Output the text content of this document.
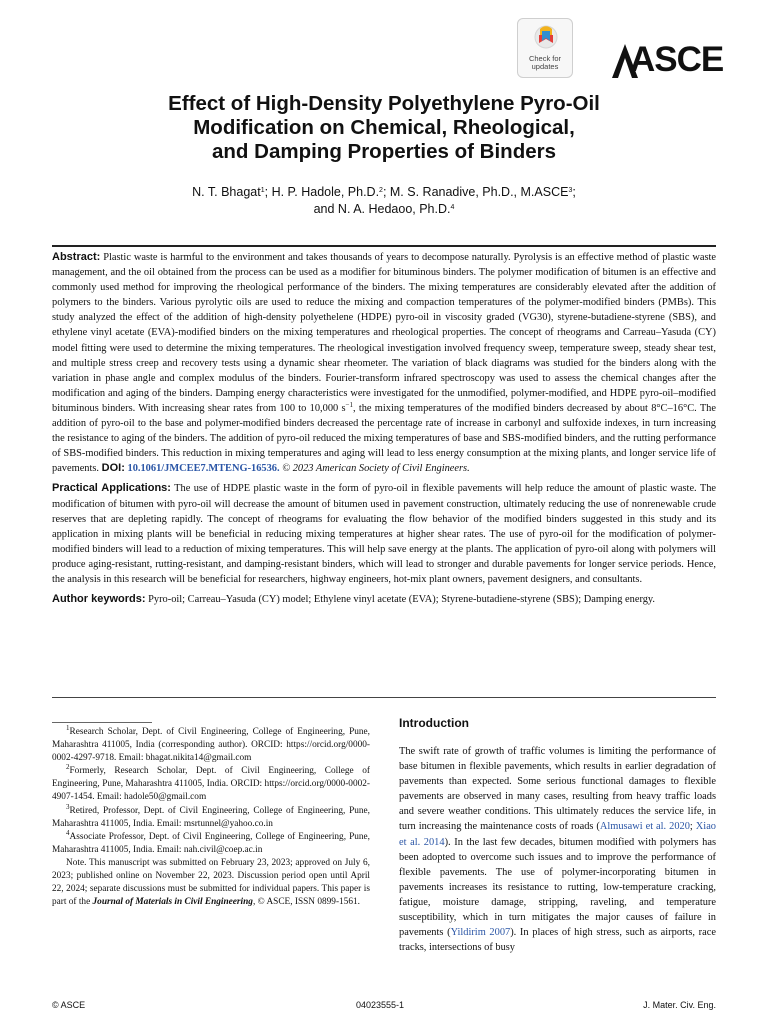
Check for
updates	ASCE
Effect of High-Density Polyethylene Pyro-Oil
Modification on Chemical, Rheological,
and Damping Properties of Binders
N. T. Bhagat$^1$; H. P. Hadole, Ph.D.$^2$; M. S. Ranadive, Ph.D., M.ASCE$^3$;
and N. A. Hedaoo, Ph.D.$^4$

Abstract: Plastic waste is harmful to the environment and takes thousands of years to decompose naturally. Pyrolysis is an effective method of plastic waste management, and the oil obtained from the process can be used as a modifier for bituminous binders. The polymer modification of bitumen is an effective and commonly used method for improving the rheological performance of the binders. The mixing temperatures are considerably elevated after the addition of polymers to the binders. Various pyrolytic oils are used to reduce the mixing and compaction temperatures of the polymer-modified binders (PMBs). This study analyzed the effect of the addition of high-density polyethelene (HDPE) pyro-oil in viscosity graded (VG30), styrene-butadiene-styrene (SBS), and ethylene vinyl acetate (EVA)-modified binders on the mixing temperatures and rheological properties. The concept of rheograms and Carreau–Yasuda (CY) model fitting were used to determine the mixing temperatures. The rheological investigation involved frequency sweep, temperature sweep, steady shear test, and multiple stress creep and recovery tests using a dynamic shear rheometer. The variation of black diagrams was studied for the binders along with the variation in phase angle and complex modulus of the binders. Fourier-transform infrared spectroscopy was used to assess the chemical changes after the modification and aging of the binders. Damping energy characteristics were investigated for the unmodified, polymer-modified, and HDPE pyro-oil–modified bituminous binders. With increasing shear rates from 100 to 10,000 $s^{-1}$, the mixing temperatures of the modified binders decreased by about 8°C–16°C. The addition of pyro-oil to the base and polymer-modified binders decreased the percentage rate of increase in carbonyl and sulfoxide indexes, in turn increasing the resistance to aging of the binders. The addition of pyro-oil reduced the mixing temperatures of base and SBS-modified binders, and the rutting performance of SBS-modified binders. This reduction in mixing temperatures and aging will lead to less energy consumption at the mixing plants, and longer service life of pavements. DOI: 10.1061/JMCEE7.MTENG-16536. © 2023 American Society of Civil Engineers.

Practical Applications: The use of HDPE plastic waste in the form of pyro-oil in flexible pavements will help reduce the amount of plastic waste. The modification of bitumen with pyro-oil will decrease the amount of bitumen used in pavement construction, ultimately reducing the use of nonrenewable crude reserves that are depleting rapidly. The concept of rheograms for evaluating the flow behavior of the modified binders suggested in this study and its application in mixing plants will be beneficial in reducing mixing temperatures at higher shear rates. The use of pyro-oil for the modification of polymer-modified binders will lead to a reduction of mixing temperatures. This will help save energy at the plants. The application of pyro-oil along with polymers will produce aging-resistant, rutting-resistant, and damping-resistant binders, which will lead to stronger and durable pavements for longer service periods. Hence, the analysis in this research will be beneficial for researchers, highway engineers, hot-mix plant owners, pavement designers, and consultants.

Author keywords: Pyro-oil; Carreau–Yasuda (CY) model; Ethylene vinyl acetate (EVA); Styrene-butadiene-styrene (SBS); Damping energy.

$^1$Research Scholar, Dept. of Civil Engineering, College of Engineering, Pune, Maharashtra 411005, India (corresponding author). ORCID: https://orcid.org/0000-0002-4297-9718. Email: bhagat.nikita14@gmail.com

$^2$Formerly, Research Scholar, Dept. of Civil Engineering, College of Engineering, Pune, Maharashtra 411005, India. ORCID: https://orcid.org/0000-0002-4907-1454. Email: hadole50@gmail.com

$^3$Retired, Professor, Dept. of Civil Engineering, College of Engineering, Pune, Maharashtra 411005, India. Email: msrtunnel@yahoo.co.in

$^4$Associate Professor, Dept. of Civil Engineering, College of Engineering, Pune, Maharashtra 411005, India. Email: nah.civil@coep.ac.in

Note. This manuscript was submitted on February 23, 2023; approved on July 6, 2023; published online on November 22, 2023. Discussion period open until April 22, 2024; separate discussions must be submitted for individual papers. This paper is part of the Journal of Materials in Civil Engineering, © ASCE, ISSN 0899-1561.

Introduction
The swift rate of growth of traffic volumes is limiting the performance of base bitumen in flexible pavements, which results in earlier degradation of pavements than expected. Some serious functional damages to flexible pavements are observed in many cases, resulting from heavy traffic loads and severe weather conditions. This ultimately reduces the service life, in turn increasing the maintenance costs of roads (Almusawi et al. 2020; Xiao et al. 2014). In the last few decades, bitumen modified with polymers has been adopted to overcome such issues and to improve the performance of flexible pavements. The use of polymer-incorporating bitumen in pavements increases its resistance to rutting, low-temperature cracking, fatigue, moisture damage, stripping, raveling, and temperature susceptibility, which in turn mitigates the major causes of failure in pavements (Yildirim 2007). In places of high stress, such as airports, race tracks, intersections of busy
© ASCE	04023555-1	J. Mater. Civ. Eng.
